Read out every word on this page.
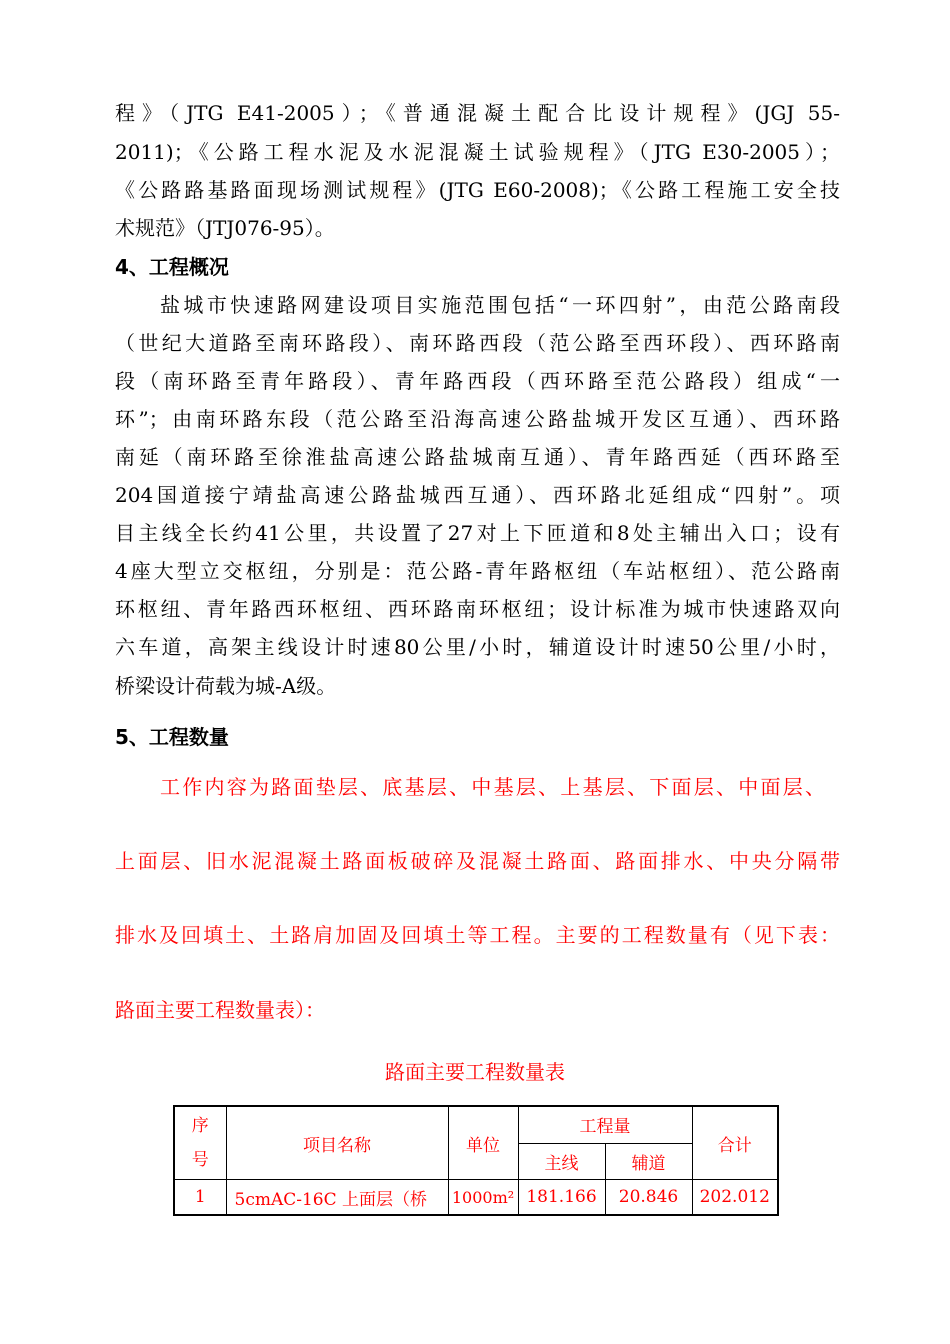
程》（JTG E41-2005）；《普通混凝土配合比设计规程》(JGJ 55-
2011)；《公路工程水泥及水泥混凝土试验规程》（JTG E30-2005）；
《公路路基路面现场测试规程》(JTG E60-2008)；《公路工程施工安全技
术规范》（JTJ076-95）。
4、工程概况
盐城市快速路网建设项目实施范围包括“一环四射”，由范公路南段
（世纪大道路至南环路段）、南环路西段（范公路至西环段）、西环路南
段（南环路至青年路段）、青年路西段（西环路至范公路段）组成“一
环”；由南环路东段（范公路至沿海高速公路盐城开发区互通）、西环路
南延（南环路至徐淮盐高速公路盐城南互通）、青年路西延（西环路至
204国道接宁靖盐高速公路盐城西互通）、西环路北延组成“四射”。项
目主线全长约41公里，共设置了27对上下匝道和8处主辅出入口；设有
4座大型立交枢纽，分别是：范公路-青年路枢纽（车站枢纽）、范公路南
环枢纽、青年路西环枢纽、西环路南环枢纽；设计标准为城市快速路双向
六车道，高架主线设计时速80公里/小时，辅道设计时速50公里/小时，
桥梁设计荷载为城-A级。
5、工程数量
工作内容为路面垫层、底基层、中基层、上基层、下面层、中面层、
上面层、旧水泥混凝土路面板破碎及混凝土路面、路面排水、中央分隔带
排水及回填土、土路肩加固及回填土等工程。主要的工程数量有（见下表：
路面主要工程数量表）：
路面主要工程数量表
序
号	项目名称	单位	工程量		合计
			主线	辅道	
1	5cmAC-16C 上面层（桥	1000m²	181.166	20.846	202.012
